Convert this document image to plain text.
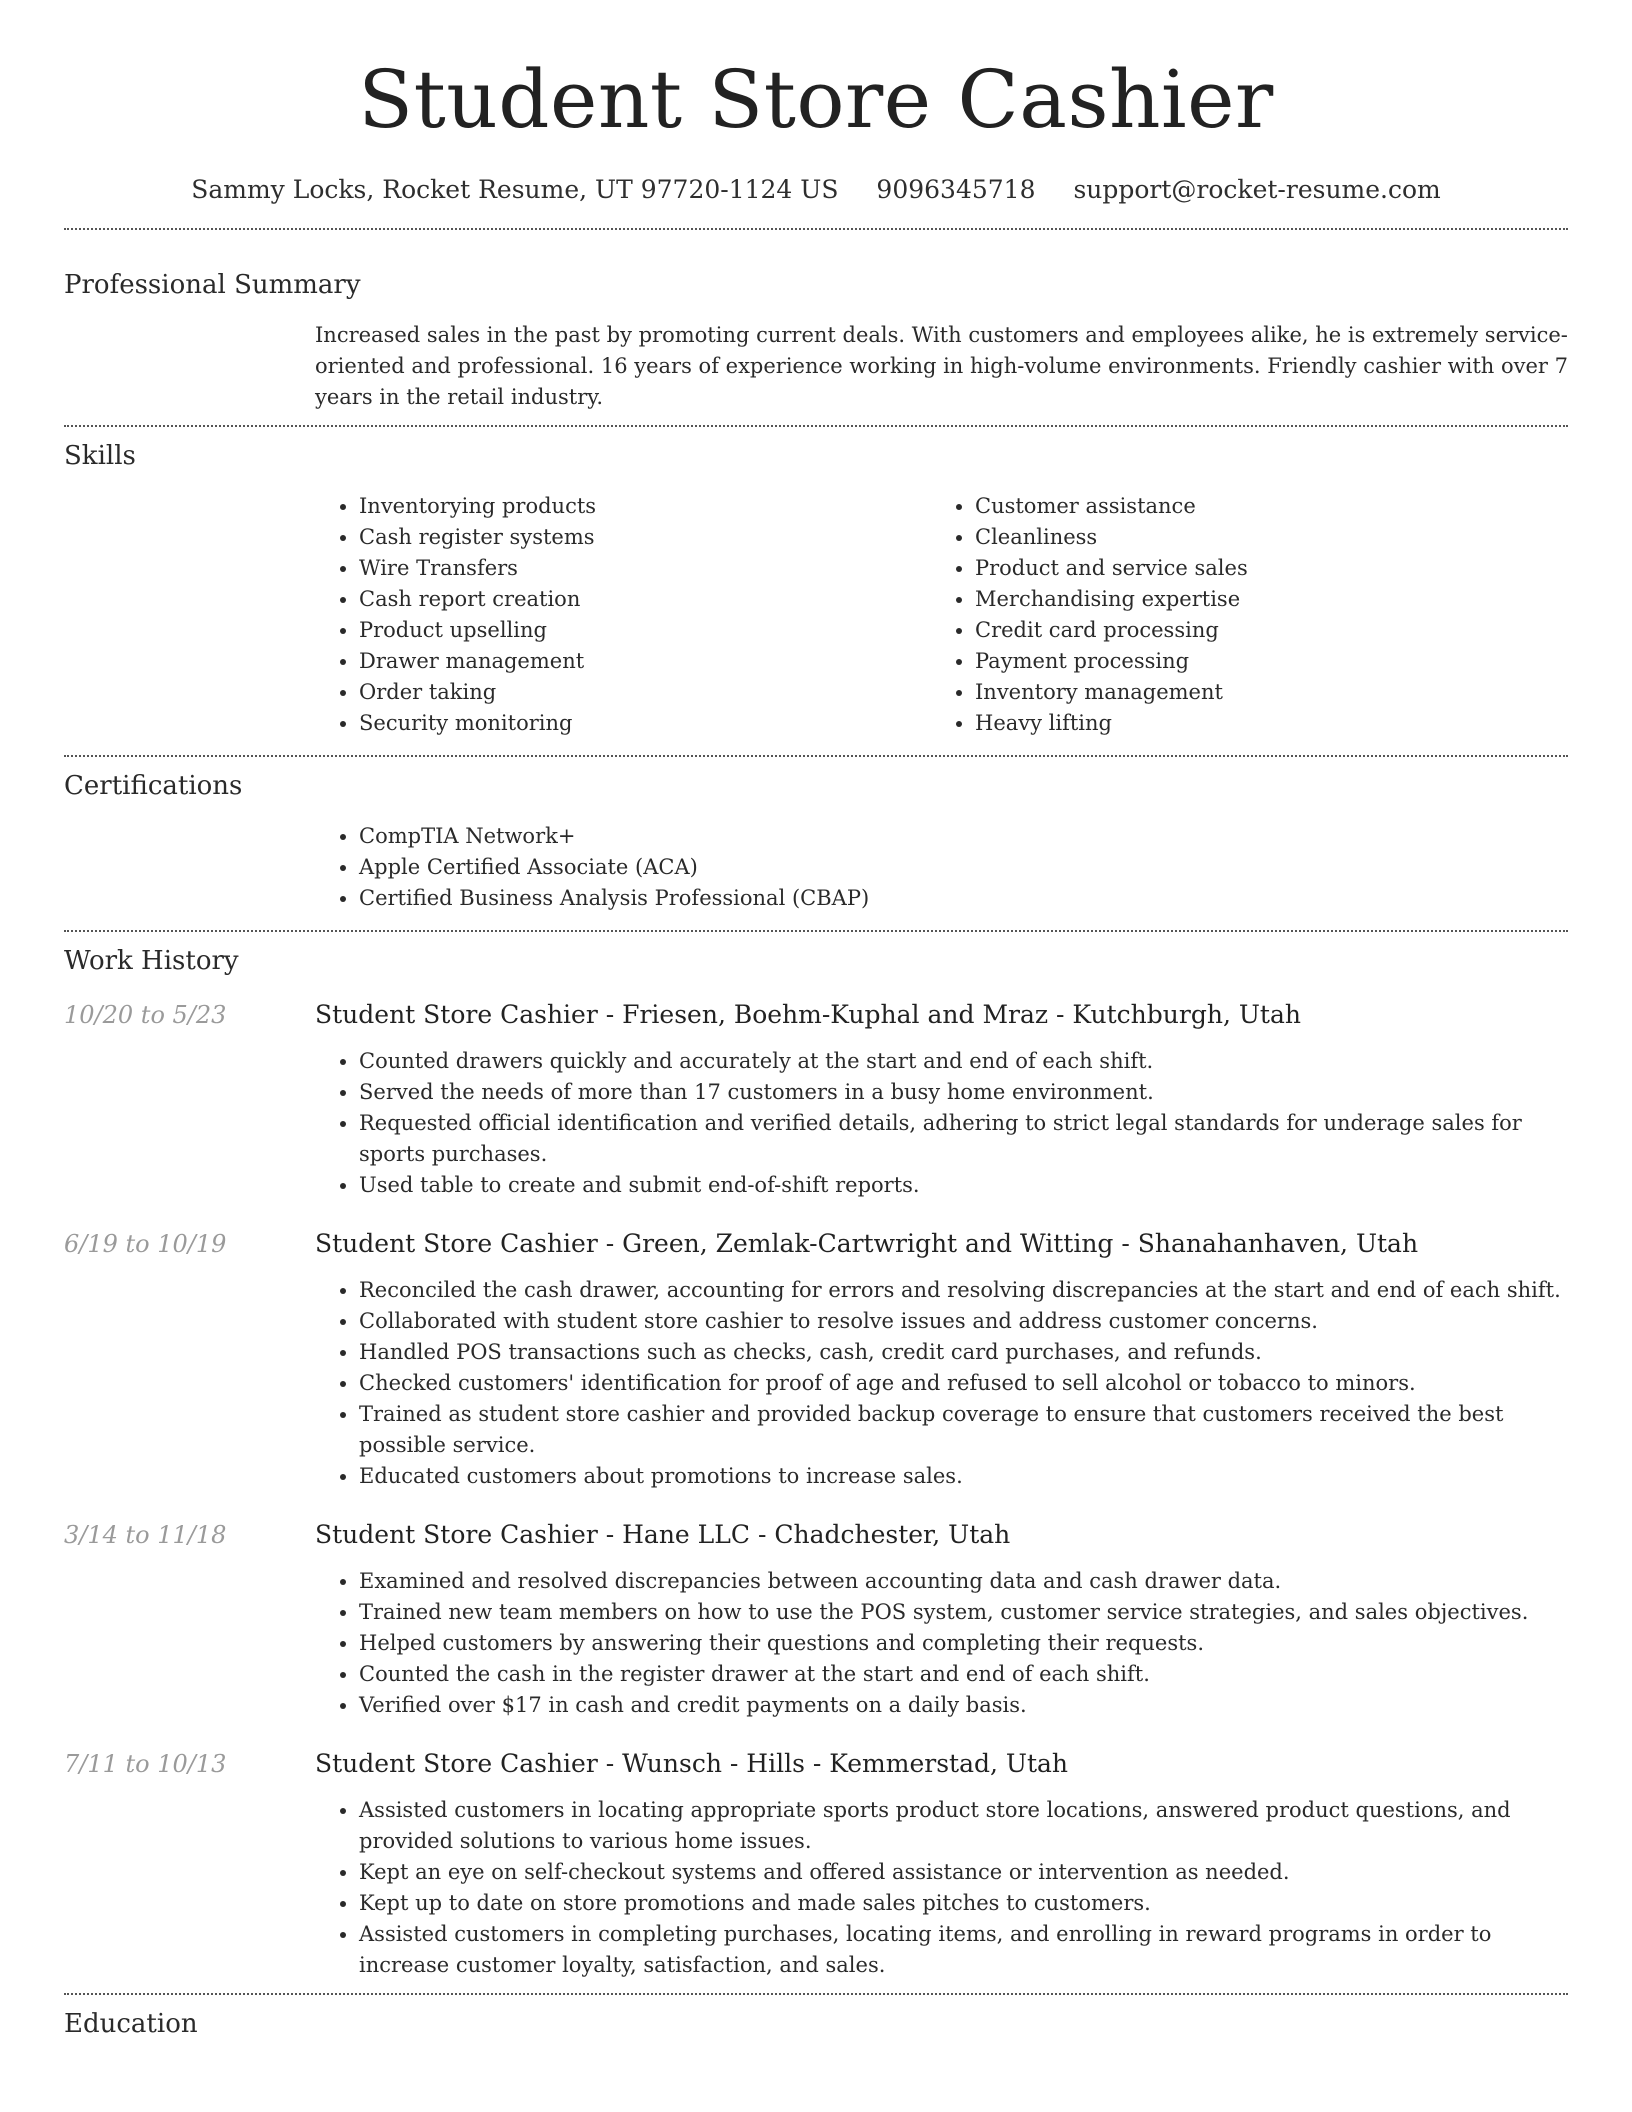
Student Store Cashier
Sammy Locks, Rocket Resume, UT 97720-1124 US 9096345718 support@rocket-resume.com
Professional Summary
Increased sales in the past by promoting current deals. With customers and employees alike, he is extremely service-oriented and professional. 16 years of experience working in high-volume environments. Friendly cashier with over 7 years in the retail industry.
Skills
• Inventorying products
• Cash register systems
• Wire Transfers
• Cash report creation
• Product upselling
• Drawer management
• Order taking
• Security monitoring
• Customer assistance
• Cleanliness
• Product and service sales
• Merchandising expertise
• Credit card processing
• Payment processing
• Inventory management
• Heavy lifting
Certifications
• CompTIA Network+
• Apple Certified Associate (ACA)
• Certified Business Analysis Professional (CBAP)
Work History
10/20 to 5/23	Student Store Cashier - Friesen, Boehm-Kuphal and Mraz - Kutchburgh, Utah
• Counted drawers quickly and accurately at the start and end of each shift.
• Served the needs of more than 17 customers in a busy home environment.
• Requested official identification and verified details, adhering to strict legal standards for underage sales for sports purchases.
• Used table to create and submit end-of-shift reports.
6/19 to 10/19	Student Store Cashier - Green, Zemlak-Cartwright and Witting - Shanahanhaven, Utah
• Reconciled the cash drawer, accounting for errors and resolving discrepancies at the start and end of each shift.
• Collaborated with student store cashier to resolve issues and address customer concerns.
• Handled POS transactions such as checks, cash, credit card purchases, and refunds.
• Checked customers' identification for proof of age and refused to sell alcohol or tobacco to minors.
• Trained as student store cashier and provided backup coverage to ensure that customers received the best possible service.
• Educated customers about promotions to increase sales.
3/14 to 11/18	Student Store Cashier - Hane LLC - Chadchester, Utah
• Examined and resolved discrepancies between accounting data and cash drawer data.
• Trained new team members on how to use the POS system, customer service strategies, and sales objectives.
• Helped customers by answering their questions and completing their requests.
• Counted the cash in the register drawer at the start and end of each shift.
• Verified over $17 in cash and credit payments on a daily basis.
7/11 to 10/13	Student Store Cashier - Wunsch - Hills - Kemmerstad, Utah
• Assisted customers in locating appropriate sports product store locations, answered product questions, and provided solutions to various home issues.
• Kept an eye on self-checkout systems and offered assistance or intervention as needed.
• Kept up to date on store promotions and made sales pitches to customers.
• Assisted customers in completing purchases, locating items, and enrolling in reward programs in order to increase customer loyalty, satisfaction, and sales.
Education
